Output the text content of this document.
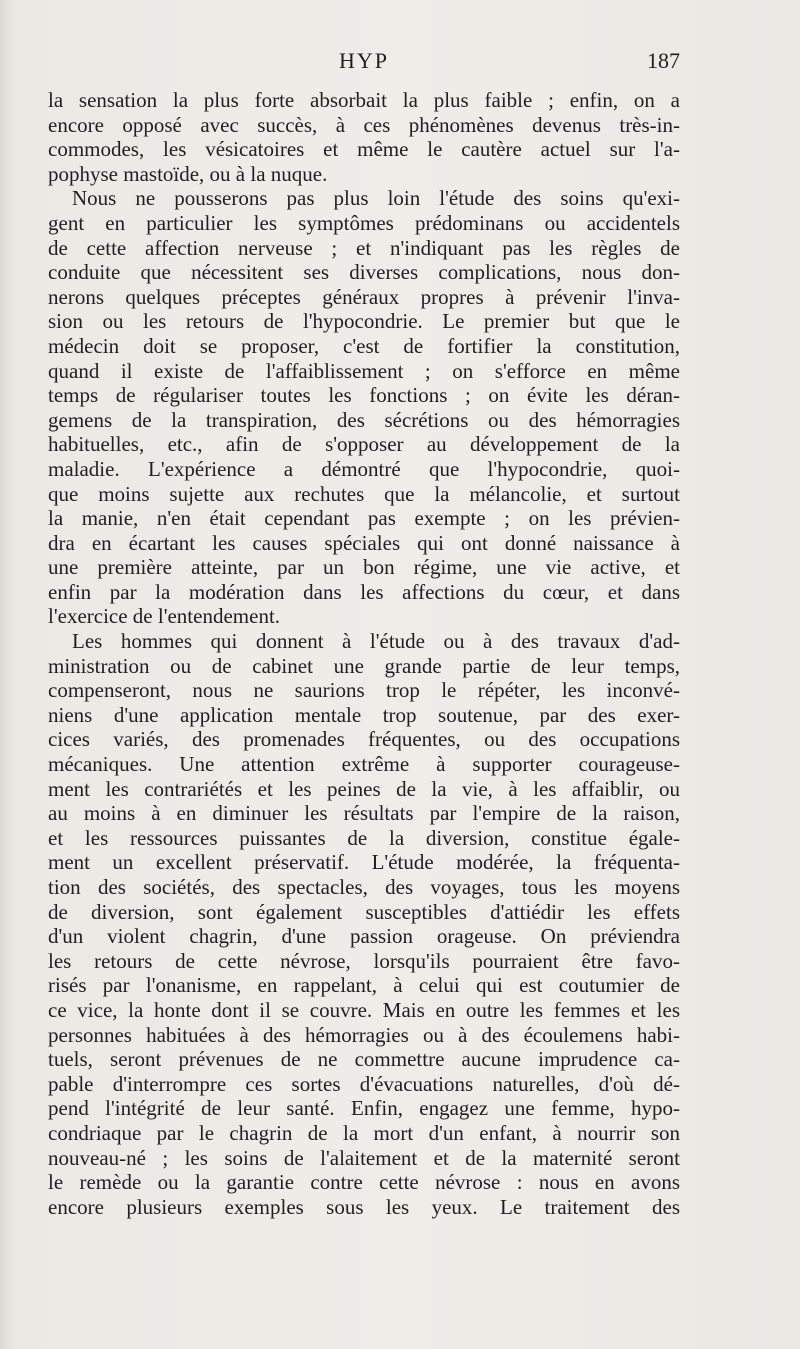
HYP	187

la sensation la plus forte absorbait la plus faible ; enfin, on a
encore opposé avec succès, à ces phénomènes devenus très-in-
commodes, les vésicatoires et même le cautère actuel sur l'a-
pophyse mastoïde, ou à la nuque.

Nous ne pousserons pas plus loin l'étude des soins qu'exi-
gent en particulier les symptômes prédominans ou accidentels
de cette affection nerveuse ; et n'indiquant pas les règles de
conduite que nécessitent ses diverses complications, nous don-
nerons quelques préceptes généraux propres à prévenir l'inva-
sion ou les retours de l'hypocondrie. Le premier but que le
médecin doit se proposer, c'est de fortifier la constitution,
quand il existe de l'affaiblissement ; on s'efforce en même
temps de régulariser toutes les fonctions ; on évite les déran-
gemens de la transpiration, des sécrétions ou des hémorragies
habituelles, etc., afin de s'opposer au développement de la
maladie. L'expérience a démontré que l'hypocondrie, quoi-
que moins sujette aux rechutes que la mélancolie, et surtout
la manie, n'en était cependant pas exempte ; on les prévien-
dra en écartant les causes spéciales qui ont donné naissance à
une première atteinte, par un bon régime, une vie active, et
enfin par la modération dans les affections du cœur, et dans
l'exercice de l'entendement.

Les hommes qui donnent à l'étude ou à des travaux d'ad-
ministration ou de cabinet une grande partie de leur temps,
compenseront, nous ne saurions trop le répéter, les inconvé-
niens d'une application mentale trop soutenue, par des exer-
cices variés, des promenades fréquentes, ou des occupations
mécaniques. Une attention extrême à supporter courageuse-
ment les contrariétés et les peines de la vie, à les affaiblir, ou
au moins à en diminuer les résultats par l'empire de la raison,
et les ressources puissantes de la diversion, constitue égale-
ment un excellent préservatif. L'étude modérée, la fréquenta-
tion des sociétés, des spectacles, des voyages, tous les moyens
de diversion, sont également susceptibles d'attiédir les effets
d'un violent chagrin, d'une passion orageuse. On préviendra
les retours de cette névrose, lorsqu'ils pourraient être favo-
risés par l'onanisme, en rappelant, à celui qui est coutumier de
ce vice, la honte dont il se couvre. Mais en outre les femmes et les
personnes habituées à des hémorragies ou à des écoulemens habi-
tuels, seront prévenues de ne commettre aucune imprudence ca-
pable d'interrompre ces sortes d'évacuations naturelles, d'où dé-
pend l'intégrité de leur santé. Enfin, engagez une femme, hypo-
condriaque par le chagrin de la mort d'un enfant, à nourrir son
nouveau-né ; les soins de l'alaitement et de la maternité seront
le remède ou la garantie contre cette névrose : nous en avons
encore plusieurs exemples sous les yeux. Le traitement des
